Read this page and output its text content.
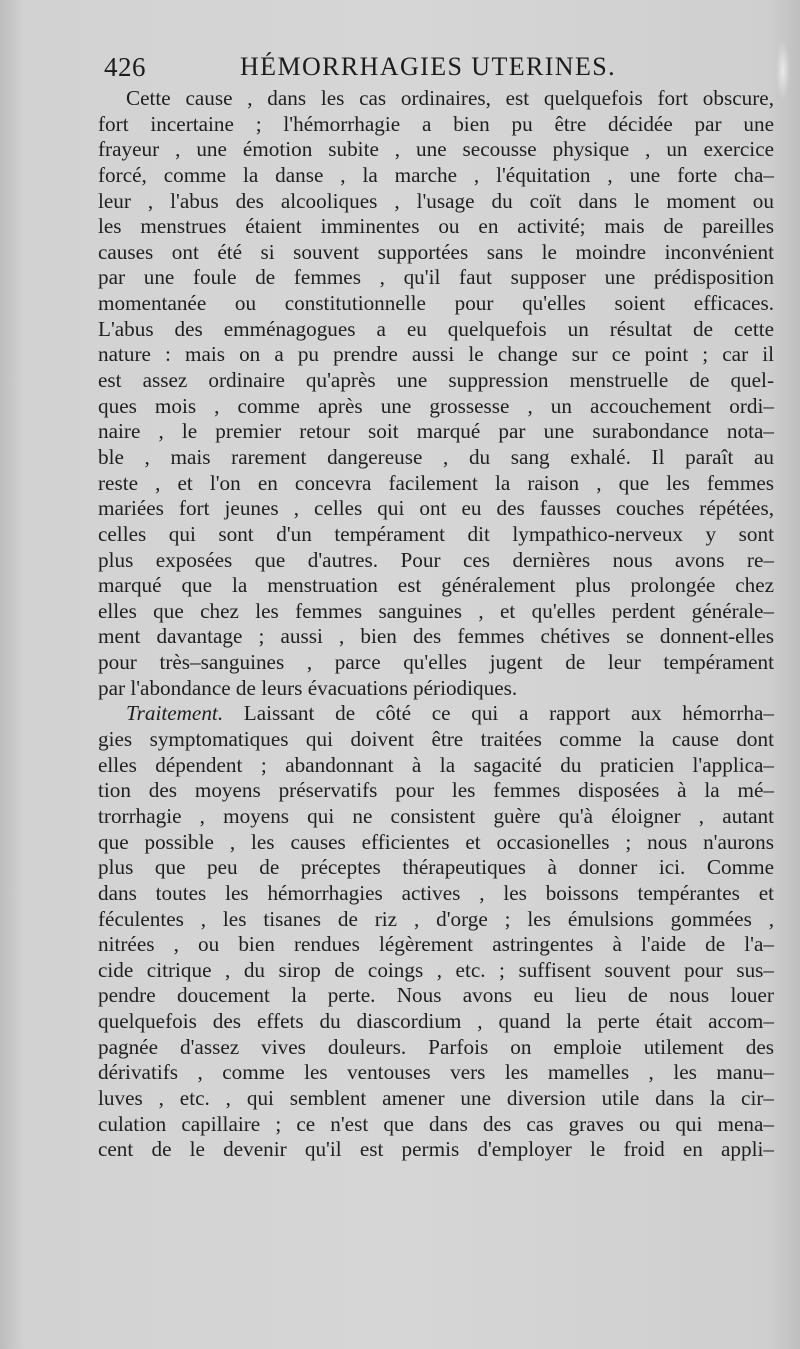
426	HÉMORRHAGIES UTERINES.
Cette cause , dans les cas ordinaires, est quelquefois fort obscure,
fort incertaine ; l'hémorrhagie a bien pu être décidée par une
frayeur , une émotion subite , une secousse physique , un exercice
forcé, comme la danse , la marche , l'équitation , une forte cha–
leur , l'abus des alcooliques , l'usage du coït dans le moment ou
les menstrues étaient imminentes ou en activité; mais de pareilles
causes ont été si souvent supportées sans le moindre inconvénient
par une foule de femmes , qu'il faut supposer une prédisposition
momentanée ou constitutionnelle pour qu'elles soient efficaces.
L'abus des emménagogues a eu quelquefois un résultat de cette
nature : mais on a pu prendre aussi le change sur ce point ; car il
est assez ordinaire qu'après une suppression menstruelle de quel-
ques mois , comme après une grossesse , un accouchement ordi–
naire , le premier retour soit marqué par une surabondance nota–
ble , mais rarement dangereuse , du sang exhalé. Il paraît au
reste , et l'on en concevra facilement la raison , que les femmes
mariées fort jeunes , celles qui ont eu des fausses couches répétées,
celles qui sont d'un tempérament dit lympathico-nerveux y sont
plus exposées que d'autres. Pour ces dernières nous avons re–
marqué que la menstruation est généralement plus prolongée chez
elles que chez les femmes sanguines , et qu'elles perdent générale–
ment davantage ; aussi , bien des femmes chétives se donnent-elles
pour très–sanguines , parce qu'elles jugent de leur tempérament
par l'abondance de leurs évacuations périodiques.
Traitement. Laissant de côté ce qui a rapport aux hémorrha–
gies symptomatiques qui doivent être traitées comme la cause dont
elles dépendent ; abandonnant à la sagacité du praticien l'applica–
tion des moyens préservatifs pour les femmes disposées à la mé–
trorrhagie , moyens qui ne consistent guère qu'à éloigner , autant
que possible , les causes efficientes et occasionelles ; nous n'aurons
plus que peu de préceptes thérapeutiques à donner ici. Comme
dans toutes les hémorrhagies actives , les boissons tempérantes et
féculentes , les tisanes de riz , d'orge ; les émulsions gommées ,
nitrées , ou bien rendues légèrement astringentes à l'aide de l'a–
cide citrique , du sirop de coings , etc. ; suffisent souvent pour sus–
pendre doucement la perte. Nous avons eu lieu de nous louer
quelquefois des effets du diascordium , quand la perte était accom–
pagnée d'assez vives douleurs. Parfois on emploie utilement des
dérivatifs , comme les ventouses vers les mamelles , les manu–
luves , etc. , qui semblent amener une diversion utile dans la cir–
culation capillaire ; ce n'est que dans des cas graves ou qui mena–
cent de le devenir qu'il est permis d'employer le froid en appli–
